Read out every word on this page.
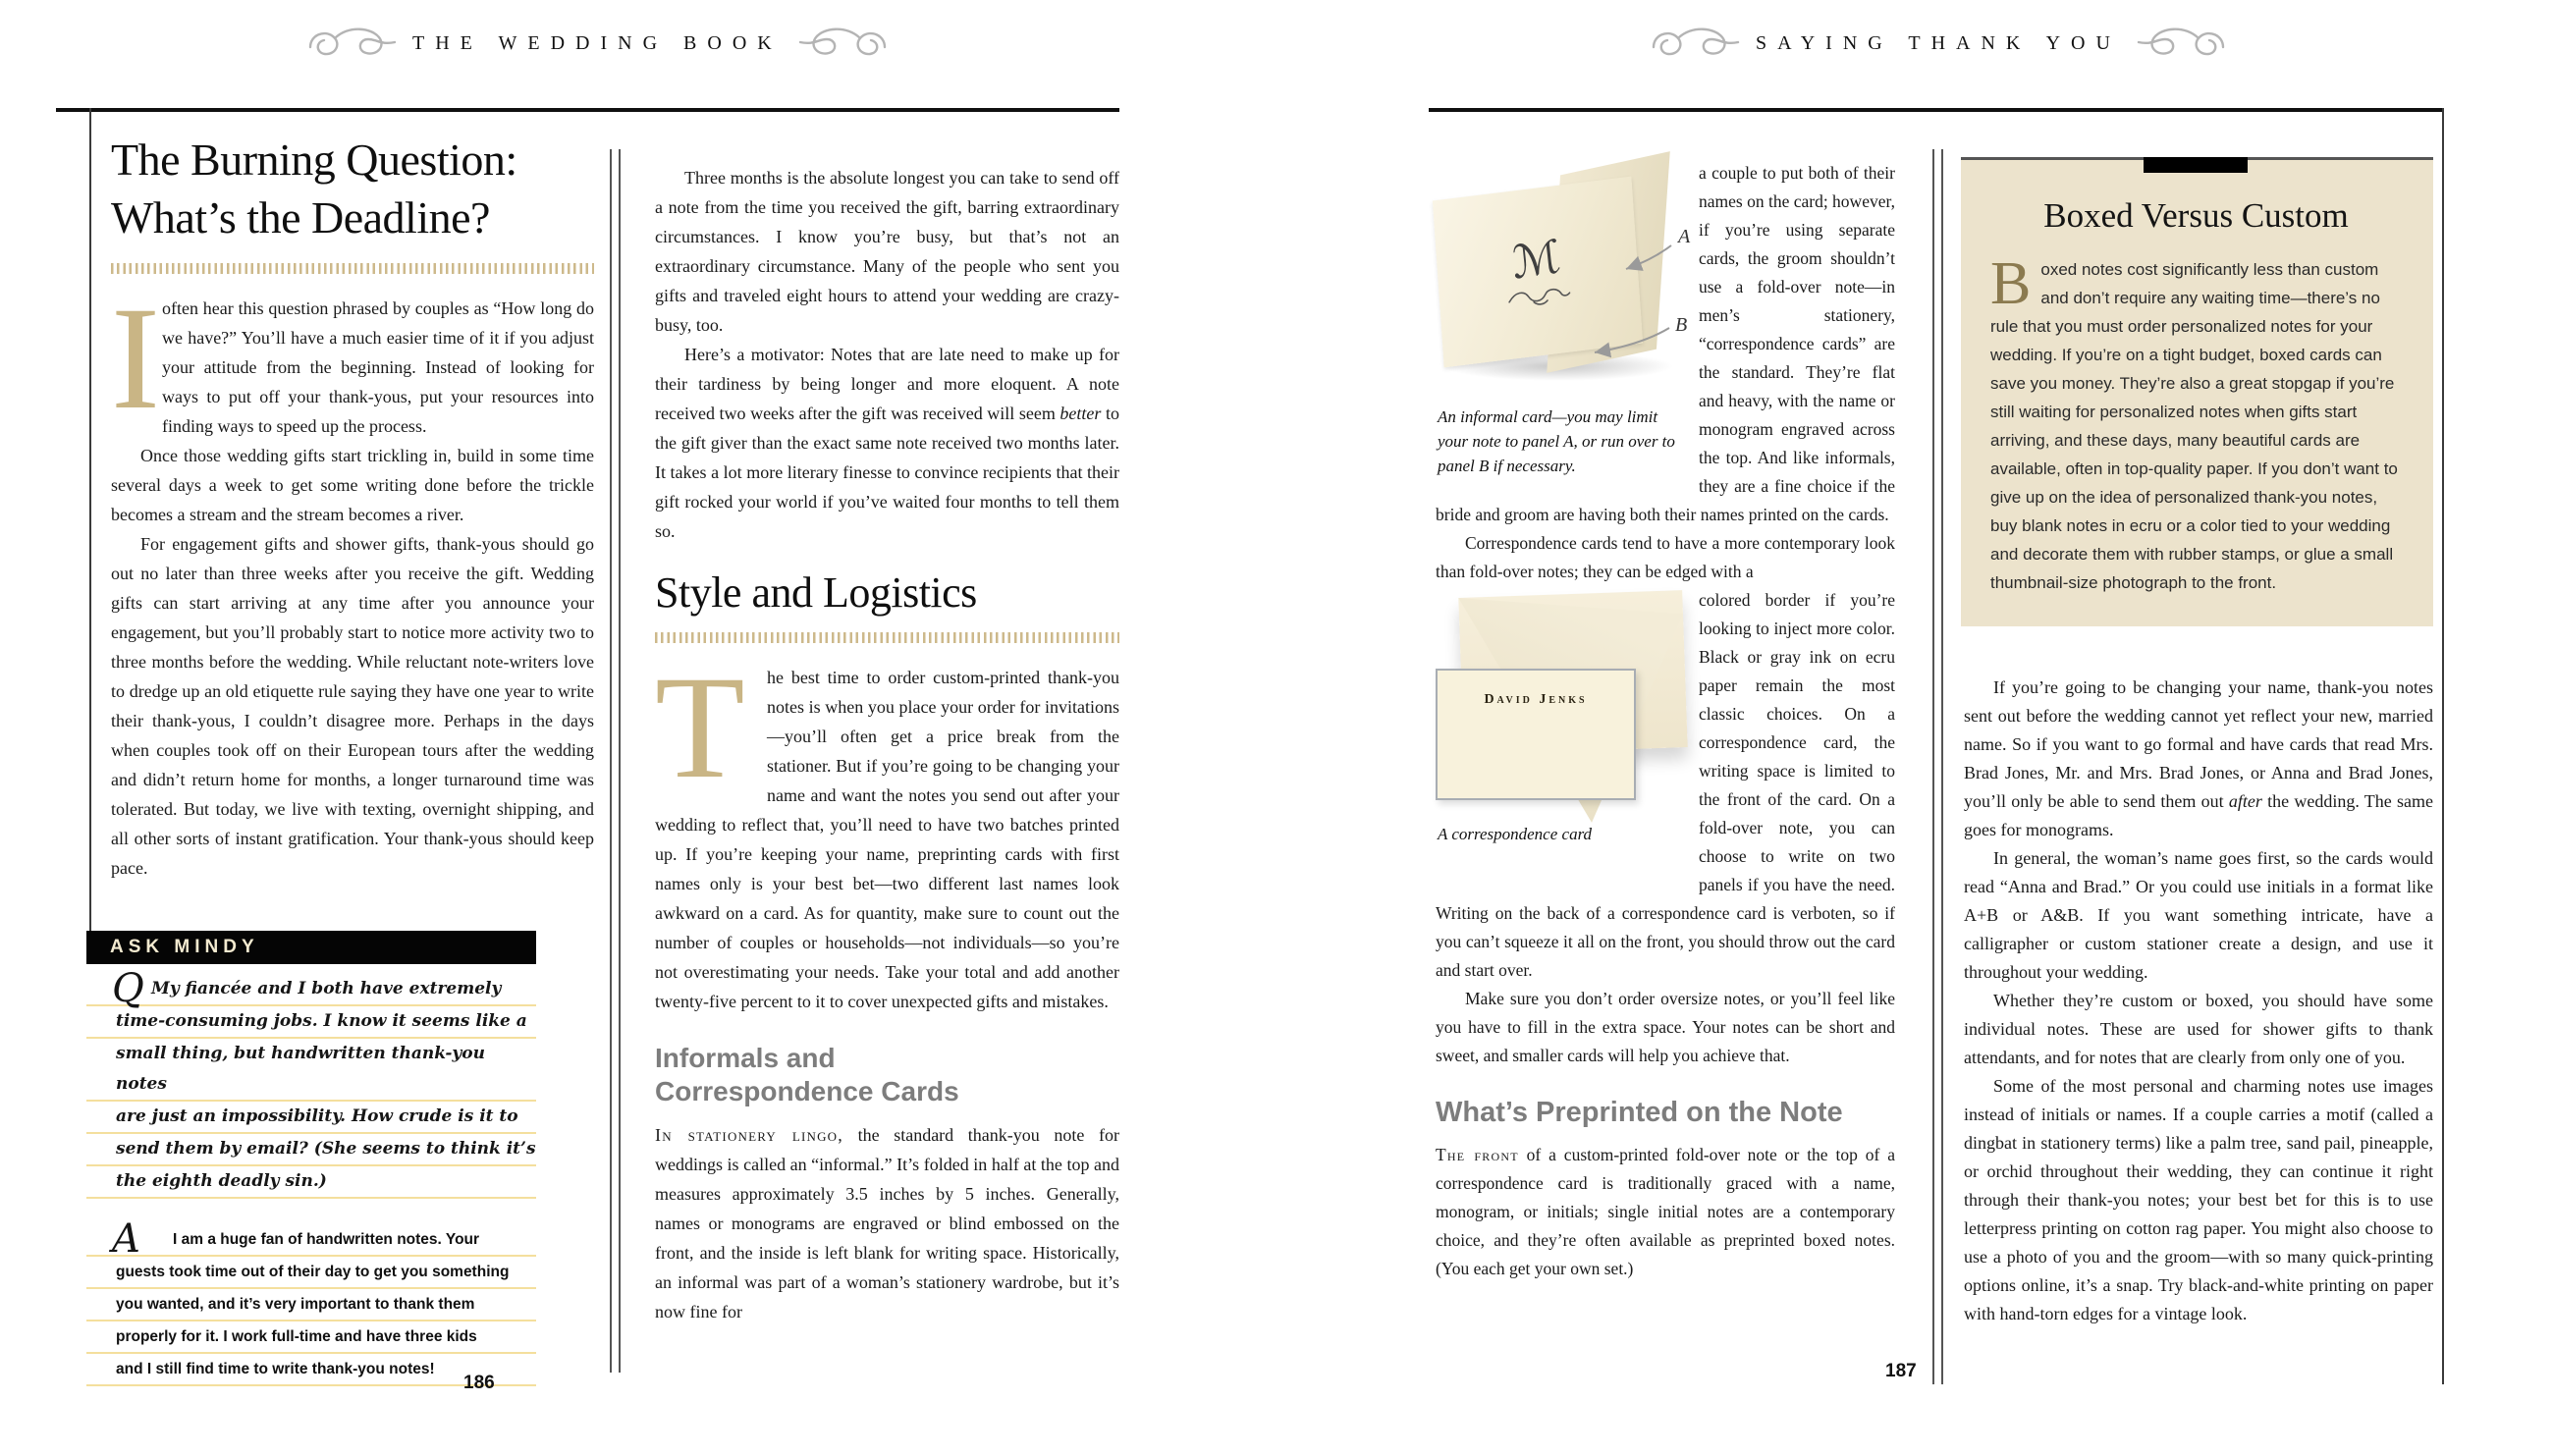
THE WEDDING BOOK	SAYING THANK YOU
The Burning Question:
What’s the Deadline?

Ioften hear this question phrased by couples as “How long do we have?” You’ll have a much easier time of it if you adjust your attitude from the beginning. Instead of looking for ways to put off your thank-yous, put your resources into finding ways to speed up the process.

Once those wedding gifts start trickling in, build in some time several days a week to get some writing done before the trickle becomes a stream and the stream becomes a river.

For engagement gifts and shower gifts, thank-yous should go out no later than three weeks after you receive the gift. Wedding gifts can start arriving at any time after you announce your engagement, but you’ll probably start to notice more activity two to three months before the wedding. While reluctant note-writers love to dredge up an old etiquette rule saying they have one year to write their thank-yous, I couldn’t disagree more. Perhaps in the days when couples took off on their European tours after the wedding and didn’t return home for months, a longer turnaround time was tolerated. But today, we live with texting, overnight shipping, and all other sorts of instant gratification. Your thank-yous should keep pace.

ASK MINDY
Q My fiancée and I both have extremely
time-consuming jobs. I know it seems like a
small thing, but handwritten thank-you notes
are just an impossibility. How crude is it to
send them by email? (She seems to think it’s
the eighth deadly sin.)
A I am a huge fan of handwritten notes. Your
guests took time out of their day to get you something
you wanted, and it’s very important to thank them
properly for it. I work full-time and have three kids
and I still find time to write thank-you notes!

Three months is the absolute longest you can take to send off a note from the time you received the gift, barring extraordinary circumstances. I know you’re busy, but that’s not an extraordinary circumstance. Many of the people who sent you gifts and traveled eight hours to attend your wedding are crazy-busy, too.

Here’s a motivator: Notes that are late need to make up for their tardiness by being longer and more eloquent. A note received two weeks after the gift was received will seem better to the gift giver than the exact same note received two months later. It takes a lot more literary finesse to convince recipients that their gift rocked your world if you’ve waited four months to tell them so.

Style and Logistics

T	he best time to order custom-printed thank-you notes is when you place your order for invitations—you’ll often get a price break from the stationer. But if you’re going to be changing your name and want the notes you send out after your wedding to reflect that, you’ll need to have two batches printed up. If you’re keeping your name, preprinting cards with first names only is your best bet—two different last names look awkward on a card. As for quantity, make sure to count out the number of couples or households—not individuals—so you’re not overestimating your needs. Take your total and add another twenty-five percent to it to cover unexpected gifts and mistakes.

Informals and
Correspondence Cards

In stationery lingo, the standard thank-you note for weddings is called an “informal.” It’s folded in half at the top and measures approximately 3.5 inches by 5 inches. Generally, names or monograms are engraved or blind embossed on the front, and the inside is left blank for writing space. Historically, an informal was part of a woman’s stationery wardrobe, but it’s now fine for

186
ℳ	A
B
An informal card—you may limit your note to panel A, or run over to panel B if necessary.

a couple to put both of their names on the card; however, if you’re using separate cards, the groom shouldn’t use a fold-over note—in men’s stationery, “correspondence cards” are the standard. They’re flat and heavy, with the name or monogram engraved across the top. And like informals, they are a fine choice if the bride and groom are having both their names printed on the cards.

Correspondence cards tend to have a more contemporary look than fold-over notes; they can be edged with a

David Jenks
A correspondence card

colored border if you’re looking to inject more color. Black or gray ink on ecru paper remain the most classic choices. On a correspondence card, the writing space is limited to the front of the card. On a fold-over note, you can choose to write on two panels if you have the need. Writing on the back of a correspondence card is verboten, so if you can’t squeeze it all on the front, you should throw out the card and start over.

Make sure you don’t order oversize notes, or you’ll feel like you have to fill in the extra space. Your notes can be short and sweet, and smaller cards will help you achieve that.

What’s Preprinted on the Note

The front of a custom-printed fold-over note or the top of a correspondence card is traditionally graced with a name, monogram, or initials; single initial notes are a contemporary choice, and they’re often available as preprinted boxed notes. (You each get your own set.)

Boxed Versus Custom
Boxed notes cost significantly less than custom and don’t require any waiting time—there’s no rule that you must order personalized notes for your wedding. If you’re on a tight budget, boxed cards can save you money. They’re also a great stopgap if you’re still waiting for personalized notes when gifts start arriving, and these days, many beautiful cards are available, often in top-quality paper. If you don’t want to give up on the idea of personalized thank-you notes, buy blank notes in ecru or a color tied to your wedding and decorate them with rubber stamps, or glue a small thumbnail-size photograph to the front.

If you’re going to be changing your name, thank-you notes sent out before the wedding cannot yet reflect your new, married name. So if you want to go formal and have cards that read Mrs. Brad Jones, Mr. and Mrs. Brad Jones, or Anna and Brad Jones, you’ll only be able to send them out after the wedding. The same goes for monograms.

In general, the woman’s name goes first, so the cards would read “Anna and Brad.” Or you could use initials in a format like A+B or A&B. If you want something intricate, have a calligrapher or custom stationer create a design, and use it throughout your wedding.

Whether they’re custom or boxed, you should have some individual notes. These are used for shower gifts to thank attendants, and for notes that are clearly from only one of you.

Some of the most personal and charming notes use images instead of initials or names. If a couple carries a motif (called a dingbat in stationery terms) like a palm tree, sand pail, pineapple, or orchid throughout their wedding, they can continue it right through their thank-you notes; your best bet for this is to use letterpress printing on cotton rag paper. You might also choose to use a photo of you and the groom—with so many quick-printing options online, it’s a snap. Try black-and-white printing on paper with hand-torn edges for a vintage look.

187
